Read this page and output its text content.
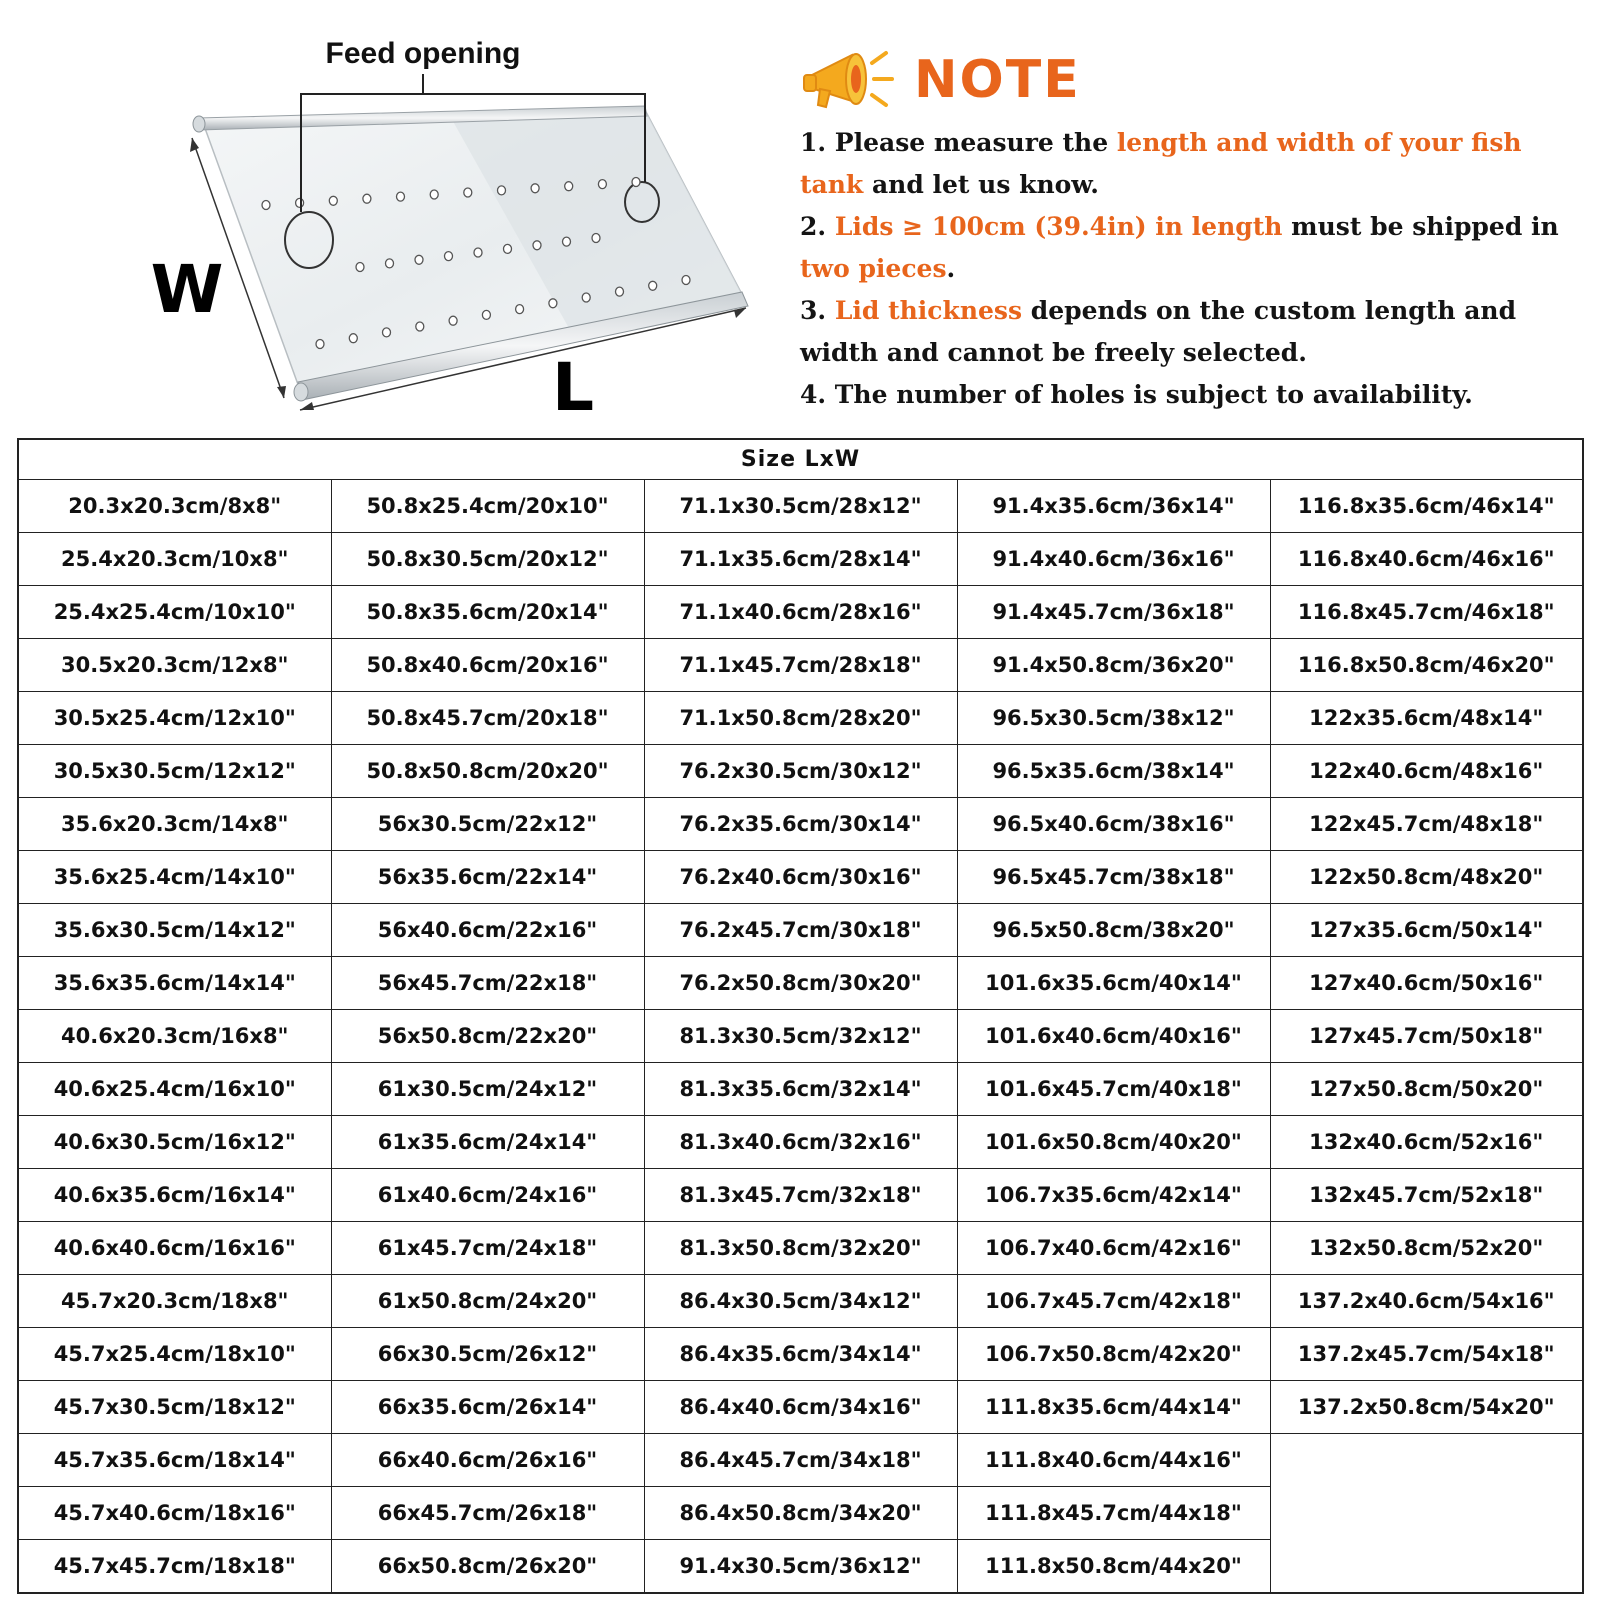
Feed opening
W
L
NOTE
1. Please measure the length and width of your fish tank and let us know.
2. Lids ≥ 100cm (39.4in) in length must be shipped in two pieces.
3. Lid thickness depends on the custom length and width and cannot be freely selected.
4. The number of holes is subject to availability.
Size LxW				
20.3x20.3cm/8x8"	50.8x25.4cm/20x10"	71.1x30.5cm/28x12"	91.4x35.6cm/36x14"	116.8x35.6cm/46x14"
25.4x20.3cm/10x8"	50.8x30.5cm/20x12"	71.1x35.6cm/28x14"	91.4x40.6cm/36x16"	116.8x40.6cm/46x16"
25.4x25.4cm/10x10"	50.8x35.6cm/20x14"	71.1x40.6cm/28x16"	91.4x45.7cm/36x18"	116.8x45.7cm/46x18"
30.5x20.3cm/12x8"	50.8x40.6cm/20x16"	71.1x45.7cm/28x18"	91.4x50.8cm/36x20"	116.8x50.8cm/46x20"
30.5x25.4cm/12x10"	50.8x45.7cm/20x18"	71.1x50.8cm/28x20"	96.5x30.5cm/38x12"	122x35.6cm/48x14"
30.5x30.5cm/12x12"	50.8x50.8cm/20x20"	76.2x30.5cm/30x12"	96.5x35.6cm/38x14"	122x40.6cm/48x16"
35.6x20.3cm/14x8"	56x30.5cm/22x12"	76.2x35.6cm/30x14"	96.5x40.6cm/38x16"	122x45.7cm/48x18"
35.6x25.4cm/14x10"	56x35.6cm/22x14"	76.2x40.6cm/30x16"	96.5x45.7cm/38x18"	122x50.8cm/48x20"
35.6x30.5cm/14x12"	56x40.6cm/22x16"	76.2x45.7cm/30x18"	96.5x50.8cm/38x20"	127x35.6cm/50x14"
35.6x35.6cm/14x14"	56x45.7cm/22x18"	76.2x50.8cm/30x20"	101.6x35.6cm/40x14"	127x40.6cm/50x16"
40.6x20.3cm/16x8"	56x50.8cm/22x20"	81.3x30.5cm/32x12"	101.6x40.6cm/40x16"	127x45.7cm/50x18"
40.6x25.4cm/16x10"	61x30.5cm/24x12"	81.3x35.6cm/32x14"	101.6x45.7cm/40x18"	127x50.8cm/50x20"
40.6x30.5cm/16x12"	61x35.6cm/24x14"	81.3x40.6cm/32x16"	101.6x50.8cm/40x20"	132x40.6cm/52x16"
40.6x35.6cm/16x14"	61x40.6cm/24x16"	81.3x45.7cm/32x18"	106.7x35.6cm/42x14"	132x45.7cm/52x18"
40.6x40.6cm/16x16"	61x45.7cm/24x18"	81.3x50.8cm/32x20"	106.7x40.6cm/42x16"	132x50.8cm/52x20"
45.7x20.3cm/18x8"	61x50.8cm/24x20"	86.4x30.5cm/34x12"	106.7x45.7cm/42x18"	137.2x40.6cm/54x16"
45.7x25.4cm/18x10"	66x30.5cm/26x12"	86.4x35.6cm/34x14"	106.7x50.8cm/42x20"	137.2x45.7cm/54x18"
45.7x30.5cm/18x12"	66x35.6cm/26x14"	86.4x40.6cm/34x16"	111.8x35.6cm/44x14"	137.2x50.8cm/54x20"
45.7x35.6cm/18x14"	66x40.6cm/26x16"	86.4x45.7cm/34x18"	111.8x40.6cm/44x16"	
45.7x40.6cm/18x16"	66x45.7cm/26x18"	86.4x50.8cm/34x20"	111.8x45.7cm/44x18"	
45.7x45.7cm/18x18"	66x50.8cm/26x20"	91.4x30.5cm/36x12"	111.8x50.8cm/44x20"	
